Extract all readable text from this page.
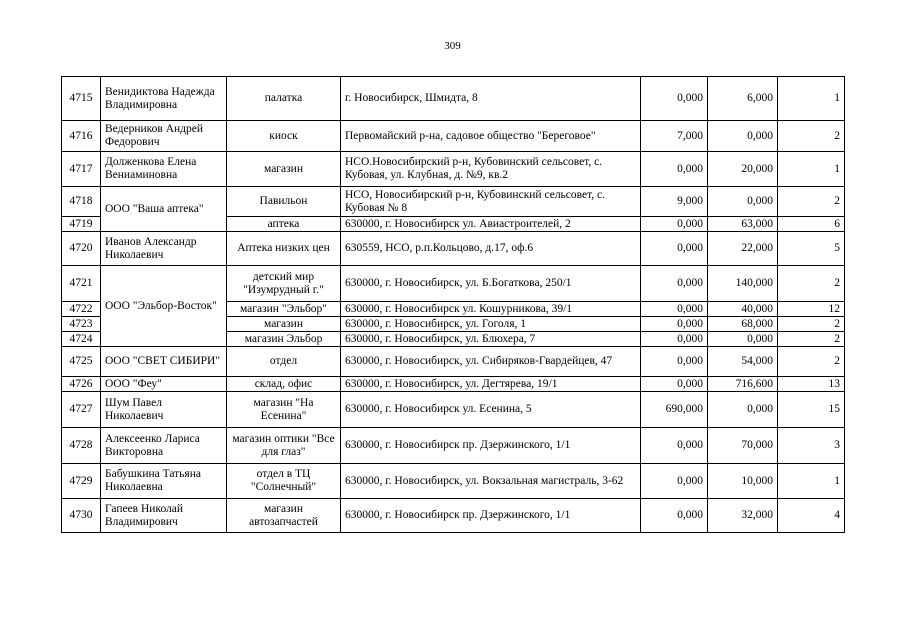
309
4715	Венидиктова Надежда Владимировна	палатка	г. Новосибирск, Шмидта, 8	0,000	6,000	1
4716	Ведерников Андрей Федорович	киоск	Первомайский р-на, садовое общество "Береговое"	7,000	0,000	2
4717	Долженкова Елена Вениаминовна	магазин	НСО.Новосибирский р-н, Кубовинский сельсовет, с. Кубовая, ул. Клубная, д. №9, кв.2	0,000	20,000	1
4718	ООО "Ваша аптека"	Павильон	НСО, Новосибирский р-н, Кубовинский сельсовет, с. Кубовая № 8	9,000	0,000	2
4719		аптека	630000, г. Новосибирск ул. Авиастроителей, 2	0,000	63,000	6
4720	Иванов Александр Николаевич	Аптека низких цен	630559, НСО, р.п.Кольцово, д.17, оф.6	0,000	22,000	5
4721	ООО "Эльбор-Восток"	детский мир "Изумрудный г."	630000, г. Новосибирск, ул. Б.Богаткова, 250/1	0,000	140,000	2
4722		магазин "Эльбор"	630000, г. Новосибирск ул. Кошурникова, 39/1	0,000	40,000	12
4723		магазин	630000, г. Новосибирск, ул. Гоголя, 1	0,000	68,000	2
4724		магазин Эльбор	630000, г. Новосибирск, ул. Блюхера, 7	0,000	0,000	2
4725	ООО "СВЕТ СИБИРИ"	отдел	630000, г. Новосибирск, ул. Сибиряков-Гвардейцев, 47	0,000	54,000	2
4726	ООО "Феу"	склад, офис	630000, г. Новосибирск, ул. Дегтярева, 19/1	0,000	716,600	13
4727	Шум Павел Николаевич	магазин "На Есенина"	630000, г. Новосибирск ул. Есенина, 5	690,000	0,000	15
4728	Алексеенко Лариса Викторовна	магазин оптики "Все для глаз"	630000, г. Новосибирск пр. Дзержинского, 1/1	0,000	70,000	3
4729	Бабушкина Татьяна Николаевна	отдел в ТЦ "Солнечный"	630000, г. Новосибирск, ул. Вокзальная магистраль, 3-62	0,000	10,000	1
4730	Гапеев Николай Владимирович	магазин автозапчастей	630000, г. Новосибирск пр. Дзержинского, 1/1	0,000	32,000	4
